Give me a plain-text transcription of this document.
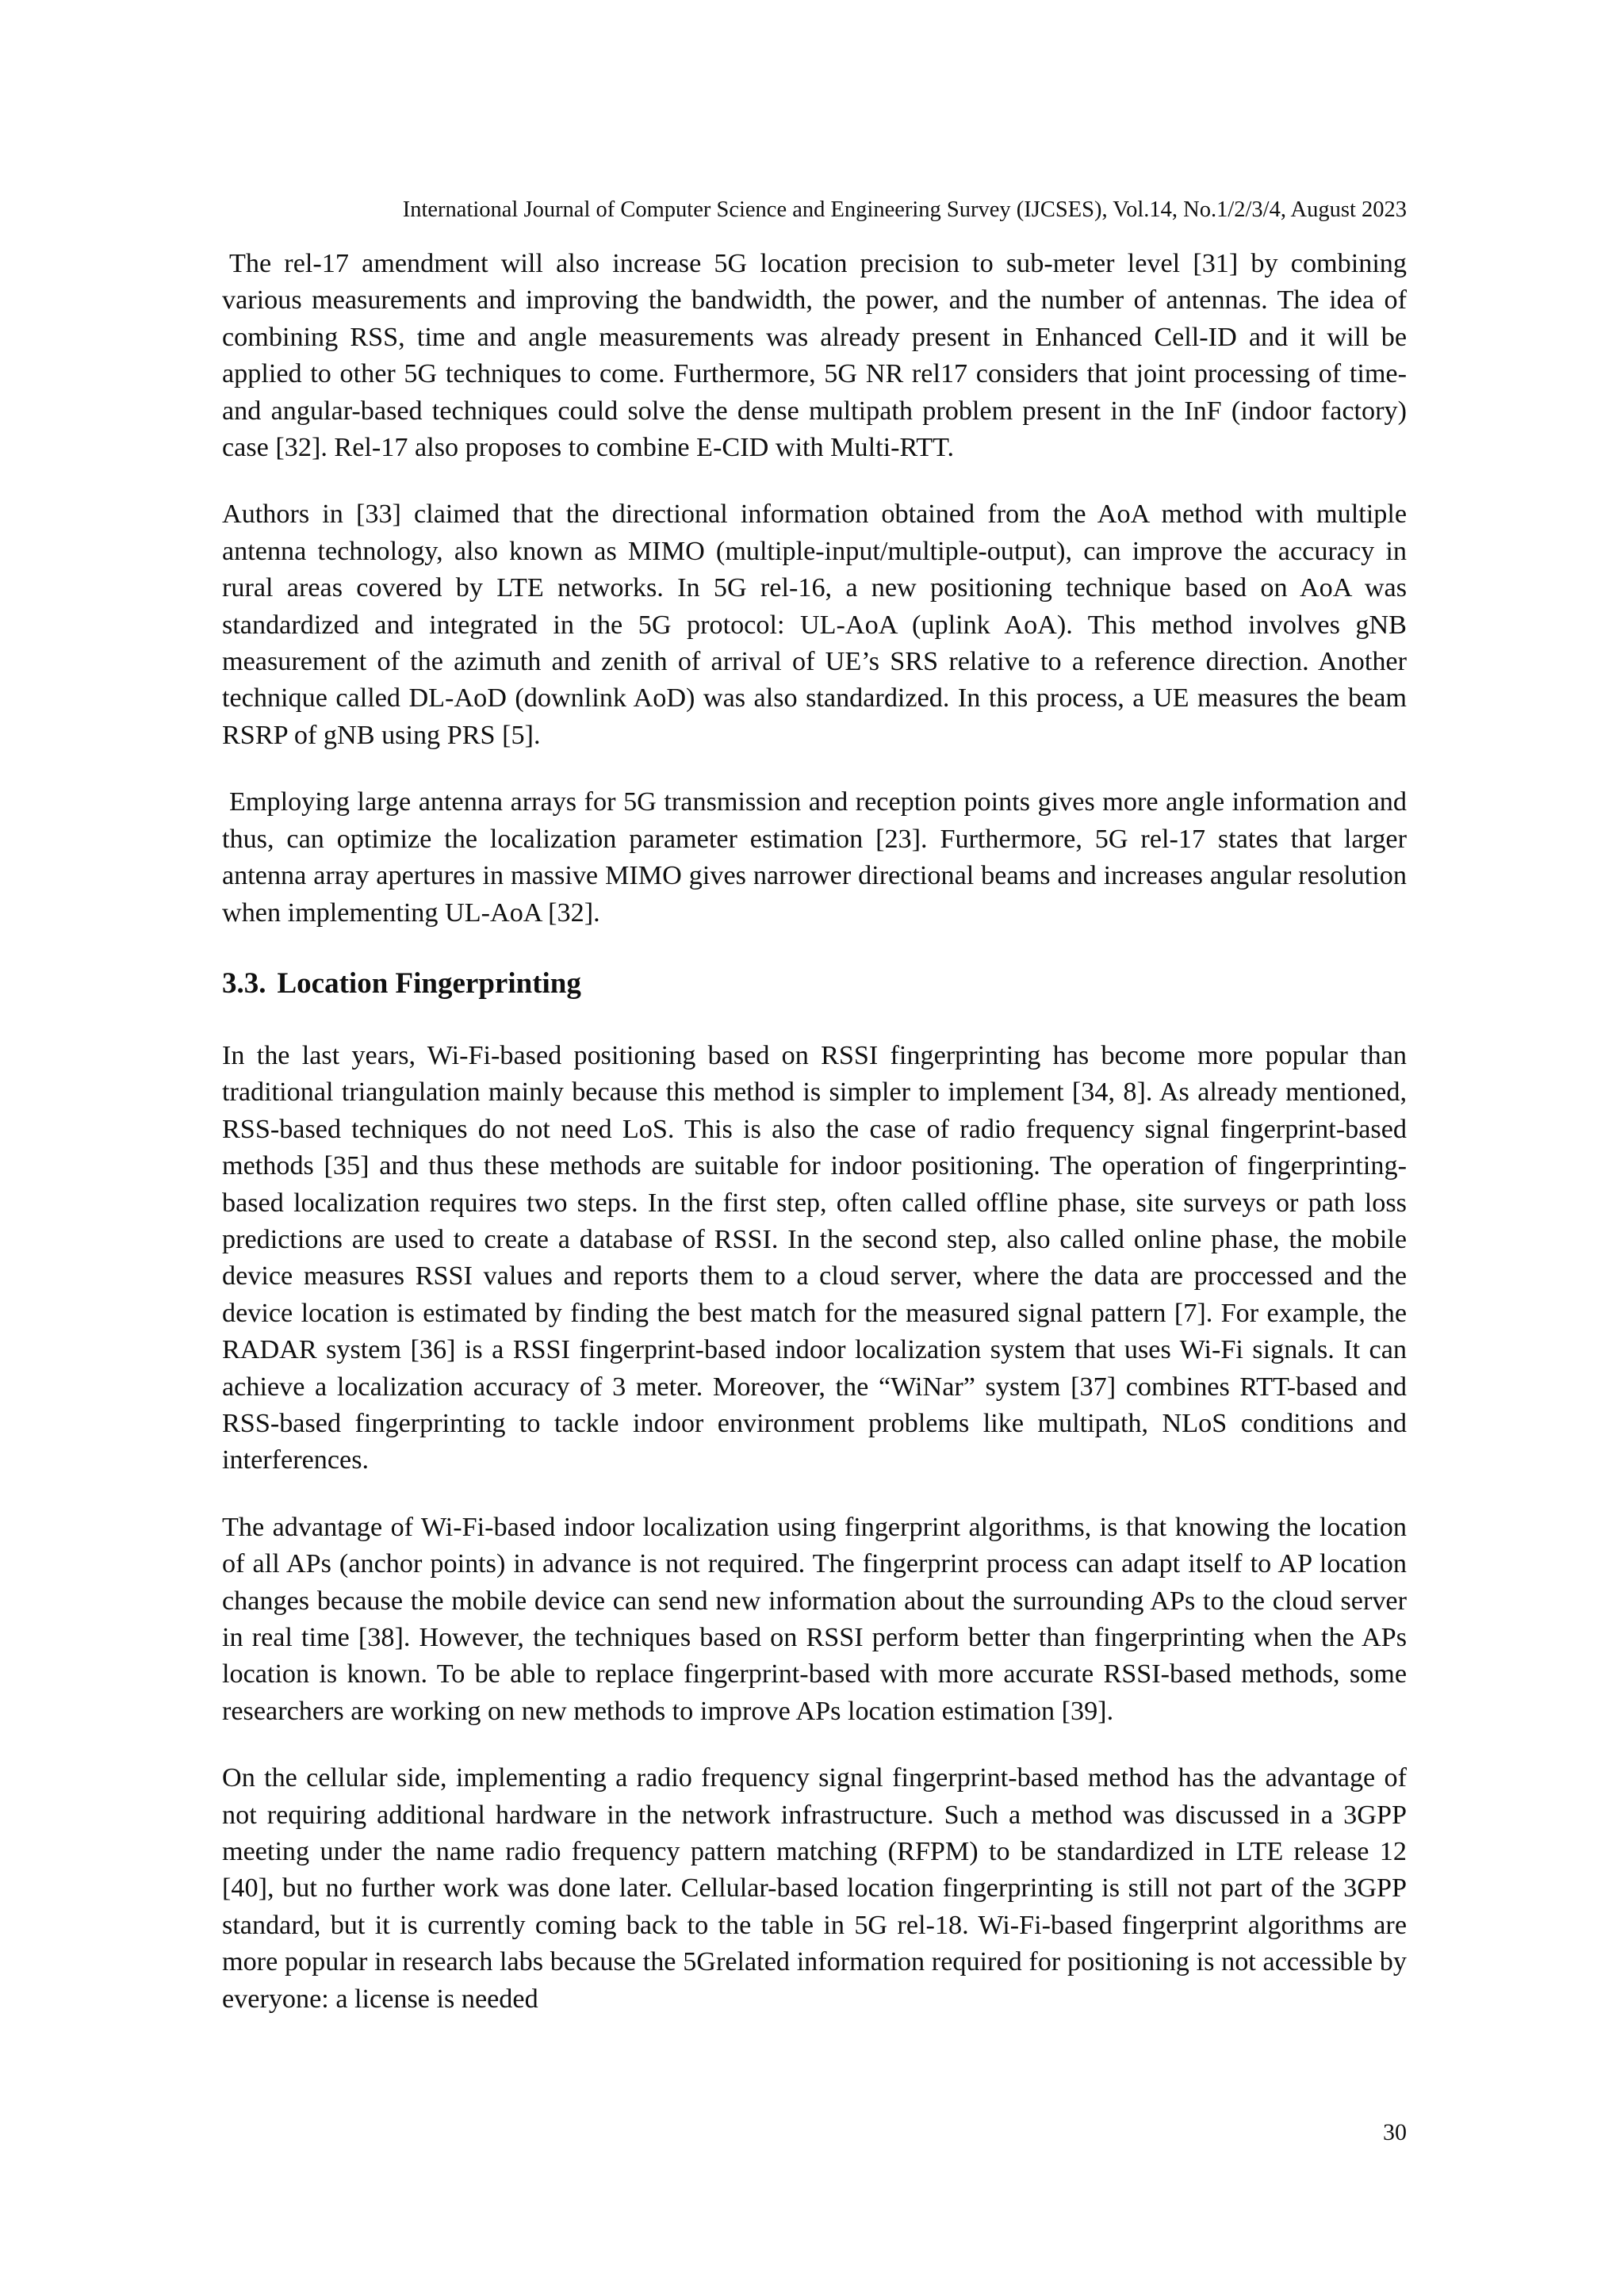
International Journal of Computer Science and Engineering Survey (IJCSES), Vol.14, No.1/2/3/4, August 2023

The rel-17 amendment will also increase 5G location precision to sub-meter level [31] by combining various measurements and improving the bandwidth, the power, and the number of antennas. The idea of combining RSS, time and angle measurements was already present in Enhanced Cell-ID and it will be applied to other 5G techniques to come. Furthermore, 5G NR rel17 considers that joint processing of time-and angular-based techniques could solve the dense multipath problem present in the InF (indoor factory) case [32]. Rel-17 also proposes to combine E-CID with Multi-RTT.

Authors in [33] claimed that the directional information obtained from the AoA method with multiple antenna technology, also known as MIMO (multiple-input/multiple-output), can improve the accuracy in rural areas covered by LTE networks. In 5G rel-16, a new positioning technique based on AoA was standardized and integrated in the 5G protocol: UL-AoA (uplink AoA). This method involves gNB measurement of the azimuth and zenith of arrival of UE’s SRS relative to a reference direction. Another technique called DL-AoD (downlink AoD) was also standardized. In this process, a UE measures the beam RSRP of gNB using PRS [5].

Employing large antenna arrays for 5G transmission and reception points gives more angle information and thus, can optimize the localization parameter estimation [23]. Furthermore, 5G rel-17 states that larger antenna array apertures in massive MIMO gives narrower directional beams and increases angular resolution when implementing UL-AoA [32].

3.3. Location Fingerprinting

In the last years, Wi-Fi-based positioning based on RSSI fingerprinting has become more popular than traditional triangulation mainly because this method is simpler to implement [34, 8]. As already mentioned, RSS-based techniques do not need LoS. This is also the case of radio frequency signal fingerprint-based methods [35] and thus these methods are suitable for indoor positioning. The operation of fingerprinting-based localization requires two steps. In the first step, often called offline phase, site surveys or path loss predictions are used to create a database of RSSI. In the second step, also called online phase, the mobile device measures RSSI values and reports them to a cloud server, where the data are proccessed and the device location is estimated by finding the best match for the measured signal pattern [7]. For example, the RADAR system [36] is a RSSI fingerprint-based indoor localization system that uses Wi-Fi signals. It can achieve a localization accuracy of 3 meter. Moreover, the “WiNar” system [37] combines RTT-based and RSS-based fingerprinting to tackle indoor environment problems like multipath, NLoS conditions and interferences.

The advantage of Wi-Fi-based indoor localization using fingerprint algorithms, is that knowing the location of all APs (anchor points) in advance is not required. The fingerprint process can adapt itself to AP location changes because the mobile device can send new information about the surrounding APs to the cloud server in real time [38]. However, the techniques based on RSSI perform better than fingerprinting when the APs location is known. To be able to replace fingerprint-based with more accurate RSSI-based methods, some researchers are working on new methods to improve APs location estimation [39].

On the cellular side, implementing a radio frequency signal fingerprint-based method has the advantage of not requiring additional hardware in the network infrastructure. Such a method was discussed in a 3GPP meeting under the name radio frequency pattern matching (RFPM) to be standardized in LTE release 12 [40], but no further work was done later. Cellular-based location fingerprinting is still not part of the 3GPP standard, but it is currently coming back to the table in 5G rel-18. Wi-Fi-based fingerprint algorithms are more popular in research labs because the 5Grelated information required for positioning is not accessible by everyone: a license is needed

30
